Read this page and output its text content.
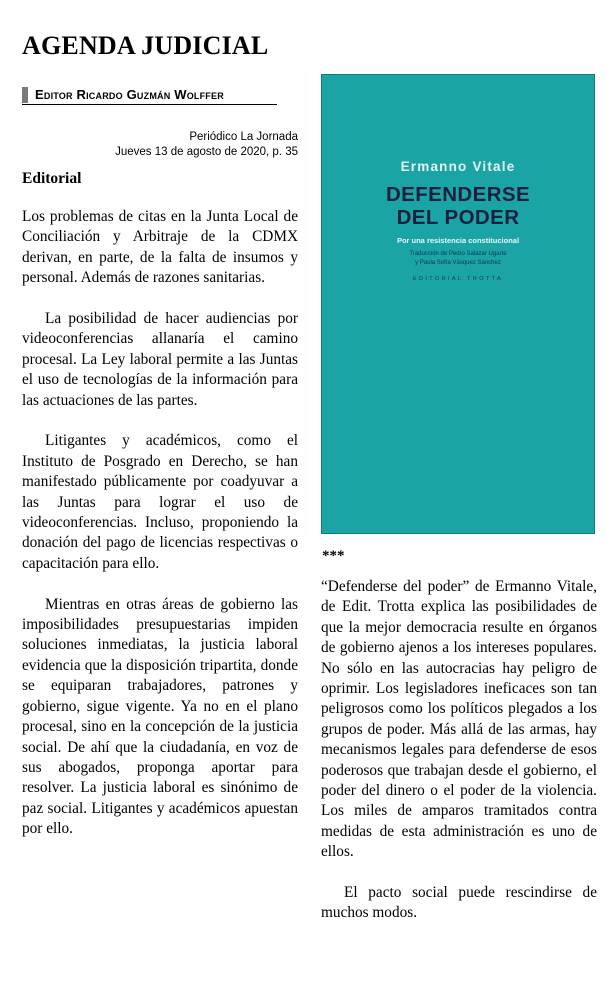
AGENDA JUDICIAL
Editor Ricardo Guzmán Wolffer
Periódico La Jornada
Jueves 13 de agosto de 2020, p. 35
Editorial

Los problemas de citas en la Junta Local de Conciliación y Arbitraje de la CDMX derivan, en parte, de la falta de insumos y personal. Además de razones sanitarias.

La posibilidad de hacer audiencias por videoconferencias allanaría el camino procesal. La Ley laboral permite a las Juntas el uso de tecnologías de la información para las actuaciones de las partes.

Litigantes y académicos, como el Instituto de Posgrado en Derecho, se han manifestado públicamente por coadyuvar a las Juntas para lograr el uso de videoconferencias. Incluso, proponiendo la donación del pago de licencias respectivas o capacitación para ello.

Mientras en otras áreas de gobierno las imposibilidades presupuestarias impiden soluciones inmediatas, la justicia laboral evidencia que la disposición tripartita, donde se equiparan trabajadores, patrones y gobierno, sigue vigente. Ya no en el plano procesal, sino en la concepción de la justicia social. De ahí que la ciudadanía, en voz de sus abogados, proponga aportar para resolver. La justicia laboral es sinónimo de paz social. Litigantes y académicos apuestan por ello.

Ermanno Vitale
DEFENDERSE
DEL PODER
Por una resistencia constitucional
Traducción de Pedro Salazar Ugarte
y Paula Sofía Vásquez Sánchez
EDITORIAL TROTTA
***

“Defenderse del poder” de Ermanno Vitale, de Edit. Trotta explica las posibilidades de que la mejor democracia resulte en órganos de gobierno ajenos a los intereses populares. No sólo en las autocracias hay peligro de oprimir. Los legisladores ineficaces son tan peligrosos como los políticos plegados a los grupos de poder. Más allá de las armas, hay mecanismos legales para defenderse de esos poderosos que trabajan desde el gobierno, el poder del dinero o el poder de la violencia. Los miles de amparos tramitados contra medidas de esta administración es uno de ellos.

El pacto social puede rescindirse de muchos modos.
